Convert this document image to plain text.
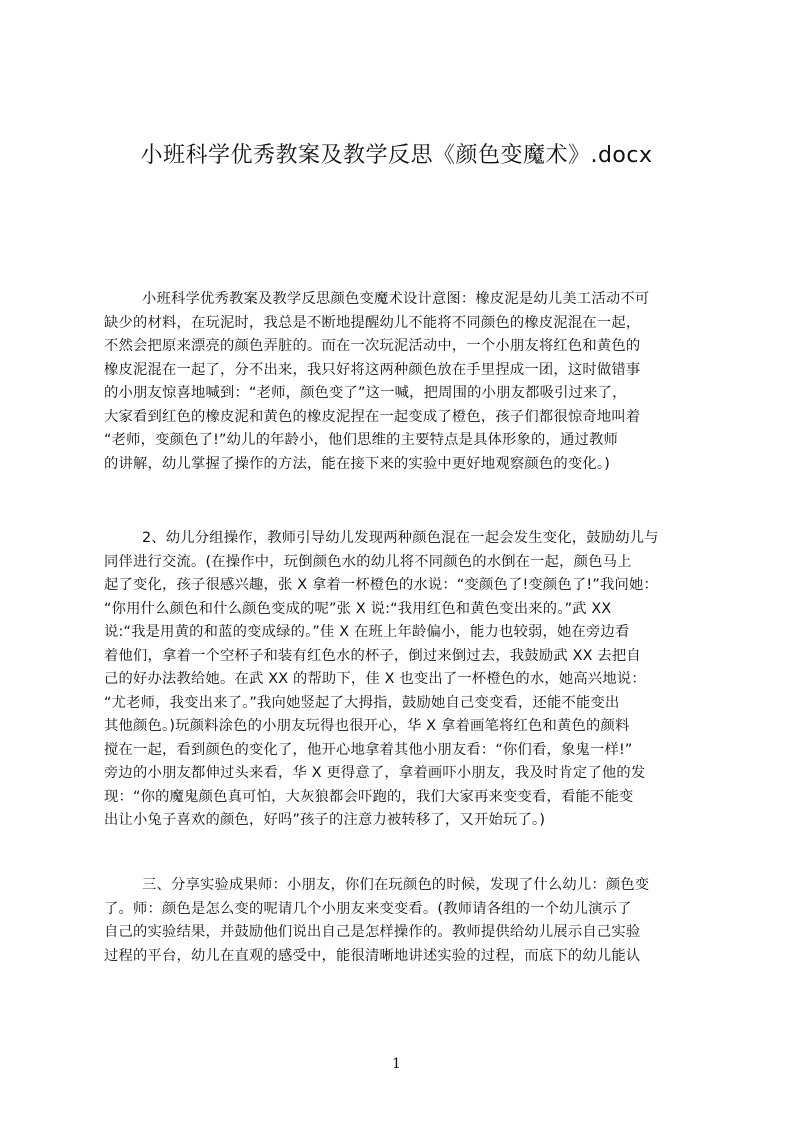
小班科学优秀教案及教学反思《颜色变魔术》.docx
小班科学优秀教案及教学反思颜色变魔术设计意图：橡皮泥是幼儿美工活动不可
缺少的材料，在玩泥时，我总是不断地提醒幼儿不能将不同颜色的橡皮泥混在一起，
不然会把原来漂亮的颜色弄脏的。而在一次玩泥活动中，一个小朋友将红色和黄色的
橡皮泥混在一起了，分不出来，我只好将这两种颜色放在手里捏成一团，这时做错事
的小朋友惊喜地喊到：“老师，颜色变了”这一喊，把周围的小朋友都吸引过来了，
大家看到红色的橡皮泥和黄色的橡皮泥捏在一起变成了橙色，孩子们都很惊奇地叫着
“老师，变颜色了!”幼儿的年龄小，他们思维的主要特点是具体形象的，通过教师
的讲解，幼儿掌握了操作的方法，能在接下来的实验中更好地观察颜色的变化。)
2、幼儿分组操作，教师引导幼儿发现两种颜色混在一起会发生变化，鼓励幼儿与
同伴进行交流。(在操作中，玩倒颜色水的幼儿将不同颜色的水倒在一起，颜色马上
起了变化，孩子很感兴趣，张 X 拿着一杯橙色的水说：“变颜色了!变颜色了!”我问她：
“你用什么颜色和什么颜色变成的呢”张 X 说:“我用红色和黄色变出来的。”武 XX
说:“我是用黄的和蓝的变成绿的。”佳 X 在班上年龄偏小，能力也较弱，她在旁边看
着他们，拿着一个空杯子和装有红色水的杯子，倒过来倒过去，我鼓励武 XX 去把自
己的好办法教给她。在武 XX 的帮助下，佳 X 也变出了一杯橙色的水，她高兴地说：
“尤老师，我变出来了。”我向她竖起了大拇指，鼓励她自己变变看，还能不能变出
其他颜色。)玩颜料涂色的小朋友玩得也很开心，华 X 拿着画笔将红色和黄色的颜料
搅在一起，看到颜色的变化了，他开心地拿着其他小朋友看：“你们看，象鬼一样!”
旁边的小朋友都伸过头来看，华 X 更得意了，拿着画吓小朋友，我及时肯定了他的发
现：“你的魔鬼颜色真可怕，大灰狼都会吓跑的，我们大家再来变变看，看能不能变
出让小兔子喜欢的颜色，好吗”孩子的注意力被转移了，又开始玩了。)
三、分享实验成果师：小朋友，你们在玩颜色的时候，发现了什么幼儿：颜色变
了。师：颜色是怎么变的呢请几个小朋友来变变看。(教师请各组的一个幼儿演示了
自己的实验结果，并鼓励他们说出自己是怎样操作的。教师提供给幼儿展示自己实验
过程的平台，幼儿在直观的感受中，能很清晰地讲述实验的过程，而底下的幼儿能认
1
